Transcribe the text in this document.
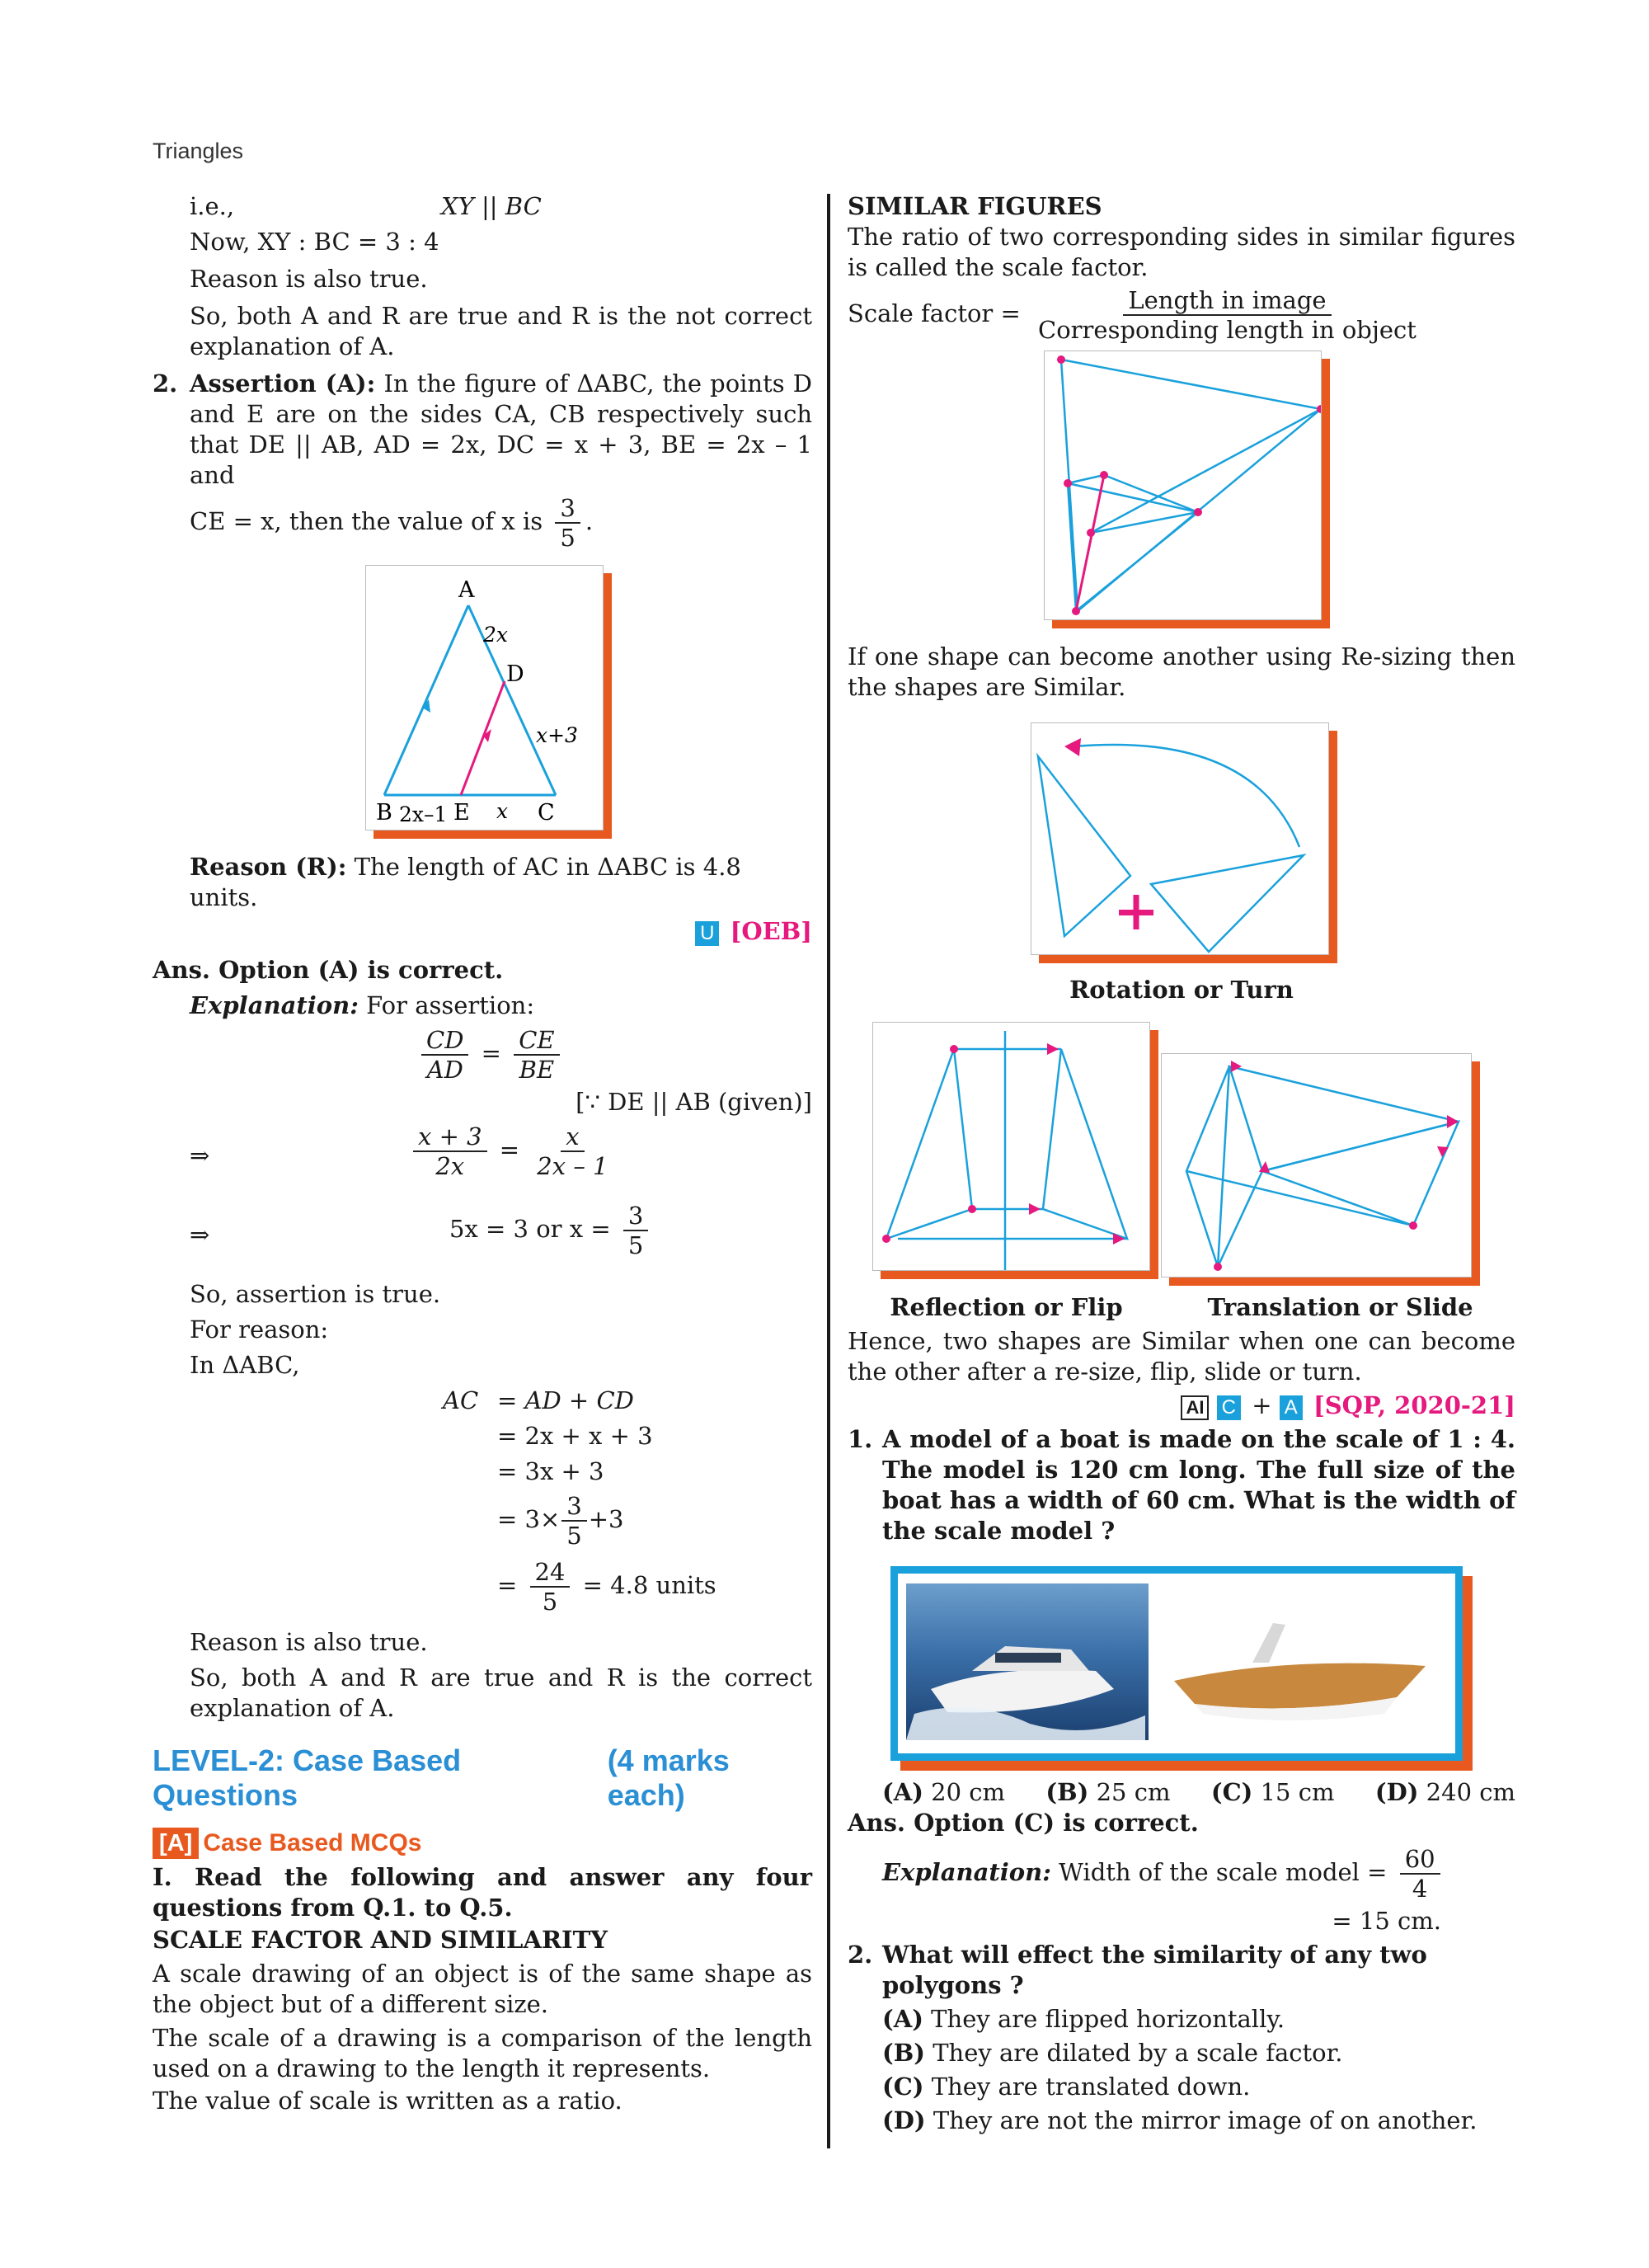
Triangles
i.e.,	XY || BC
Now, XY : BC = 3 : 4
Reason is also true.
So, both A and R are true and R is the not correct explanation of A.
2. Assertion (A): In the figure of ΔABC, the points D and E are on the sides CA, CB respectively such that DE || AB, AD = 2x, DC = x + 3, BE = 2x – 1 and
CE = x, then the value of x is $\frac{3}{5}$ .
A
2x
D
x+3
B 2x–1 E x C
Reason (R): The length of AC in ΔABC is 4.8 units.
U [OEB]
Ans. Option (A) is correct.
Explanation: For assertion:
$\frac{CD}{AD} = \frac{CE}{BE}$
[∵ DE || AB (given)]
⇒	$\frac{x + 3}{2x} = \frac{x}{2x - 1}$
⇒	5x = 3 or $x = \frac{3}{5}$
So, assertion is true.
For reason:
In ΔABC,
AC = AD + CD
= 2x + x + 3
= 3x + 3
= $3\times \frac{3}{5} +3$
= $\frac{24}{5} = 4.8$ units
Reason is also true.
So, both A and R are true and R is the correct explanation of A.
LEVEL-2: Case Based Questions
(4 marks each)
[A] Case Based MCQs
I. Read the following and answer any four questions from Q.1. to Q.5.
SCALE FACTOR AND SIMILARITY
A scale drawing of an object is of the same shape as the object but of a different size.
The scale of a drawing is a comparison of the length used on a drawing to the length it represents.
The value of scale is written as a ratio.
SIMILAR FIGURES
The ratio of two corresponding sides in similar figures is called the scale factor.
Scale factor = $\frac{\text{Length in image}}{\text{Corresponding length in object}}$
If one shape can become another using Re-sizing then the shapes are Similar.
Rotation or Turn
Reflection or Flip	Translation or Slide
Hence, two shapes are Similar when one can become the other after a re-size, flip, slide or turn.
AI C + A [SQP, 2020-21]
1. A model of a boat is made on the scale of 1 : 4. The model is 120 cm long. The full size of the boat has a width of 60 cm. What is the width of the scale model ?
(A) 20 cm (B) 25 cm (C) 15 cm (D) 240 cm
Ans. Option (C) is correct.
Explanation: Width of the scale model = $\frac{60}{4}$
= 15 cm.
2. What will effect the similarity of any two polygons ?
(A) They are flipped horizontally.
(B) They are dilated by a scale factor.
(C) They are translated down.
(D) They are not the mirror image of on another.
